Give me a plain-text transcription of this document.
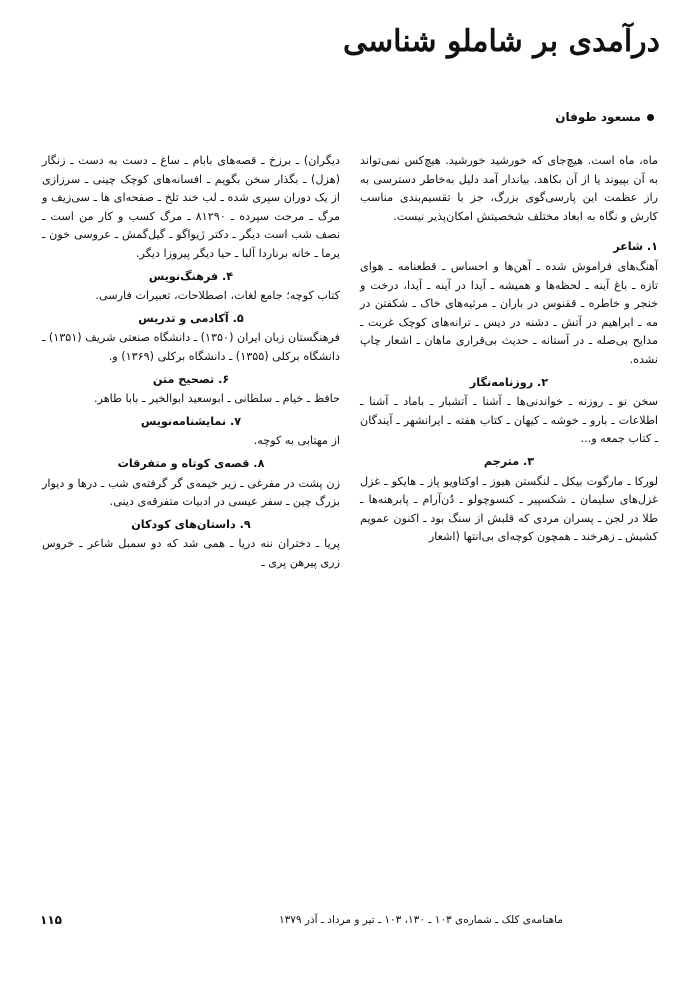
درآمدی بر شاملو شناسی
مسعود طوفان

ماه، ماه است. هیچ‌جای که خورشید خورشید. هیچ‌کس نمی‌تواند به آن بپیوند یا از آن بکاهد. بیاندار آمد دلیل به‌خاطر دسترسی به راز عظمت این پارسی‌گوی بزرگ، جز با تقسیم‌بندی مناسب کارش و نگاه به ابعاد مختلف شخصیتش امکان‌پذیر نیست.

۱. شاعر

آهنگ‌های فراموش شده ـ آهن‌ها و احساس ـ قطعنامه ـ هوای تازه ـ باغ آینه ـ لحظه‌ها و همیشه ـ آیدا در آینه ـ آیدا، درخت و خنجر و خاطره ـ ققنوس در باران ـ مرثیه‌های خاک ـ شکفتن در مه ـ ابراهیم در آتش ـ دشنه در دیس ـ ترانه‌های کوچک غربت ـ مدایح بی‌صله ـ در آستانه ـ حدیث بی‌قراری ماهان ـ اشعار چاپ نشده.

۲. روزنامه‌نگار

سخن نو ـ روزنه ـ خواندنی‌ها ـ آشنا ـ آتشبار ـ باماد ـ آشنا ـ اطلاعات ـ بارو ـ خوشه ـ کیهان ـ کتاب هفته ـ ایرانشهر ـ آیندگان ـ کتاب جمعه و...

۳. مترجم

لورکا ـ مارگوت بیکل ـ لنگستن هیوز ـ اوکتاویو پاز ـ هایکو ـ غزل غزل‌های سلیمان ـ شکسپیر ـ کنسوچولو ـ دُن‌آرام ـ پابرهنه‌ها ـ طلا در لجن ـ پسران مردی که قلبش از سنگ بود ـ اکنون عمویم کشیش ـ زهرخند ـ همچون کوچه‌ای بی‌انتها (اشعار

دیگران) ـ برزخ ـ قصه‌های بابام ـ ساغ ـ دست به دست ـ زنگار (هزل) ـ بگذار سخن بگویم ـ افسانه‌های کوچک چینی ـ سرزازی از یک دوران سپری شده ـ لب خند تلخ ـ صفحه‌ای ها ـ سی‌زیف و مرگ ـ مرحت سپرده ـ ۸۱۲۹۰ ـ مرگ کسب و کار من است ـ نصف شب است دیگر ـ دکتر ژیواگو ـ گیل‌گمش ـ عروسی خون ـ یرما ـ خانه برناردا آلبا ـ حیا دیگر پیروزا دیگر.

۴. فرهنگ‌نویس

کتاب کوچه؛ جامع لغات، اصطلاحات، تعبیرات فارسی.

۵. آکادمی و تدریس

فرهنگستان زبان ایران (۱۳۵۰) ـ دانشگاه صنعتی شریف (۱۳۵۱) ـ دانشگاه برکلی (۱۳۵۵) ـ دانشگاه برکلی (۱۳۶۹) و.

۶. تصحیح متن

حافظ ـ خیام ـ سلطانی ـ ابوسعید ابوالخیر ـ بابا طاهر.

۷. نمایشنامه‌نویس

از مهتابی به کوچه.

۸. قصه‌ی کوتاه و متفرقات

زن پشت در مفرغی ـ زیر خیمه‌ی گر گرفته‌ی شب ـ درها و دیوار بزرگ چین ـ سفر عیسی در ادبیات متفرقه‌ی دینی.

۹. داستان‌های کودکان

پریا ـ دختران ننه دریا ـ همی شد که دو سمبل شاعر ـ خروس زری پیرهن پری ـ

۱۱۵	ماهنامه‌ی کلک ـ شماره‌ی ۱۰۳ ـ ۱۳۰، ۱۰۳ ـ تیر و مرداد ـ آذر ۱۳۷۹
